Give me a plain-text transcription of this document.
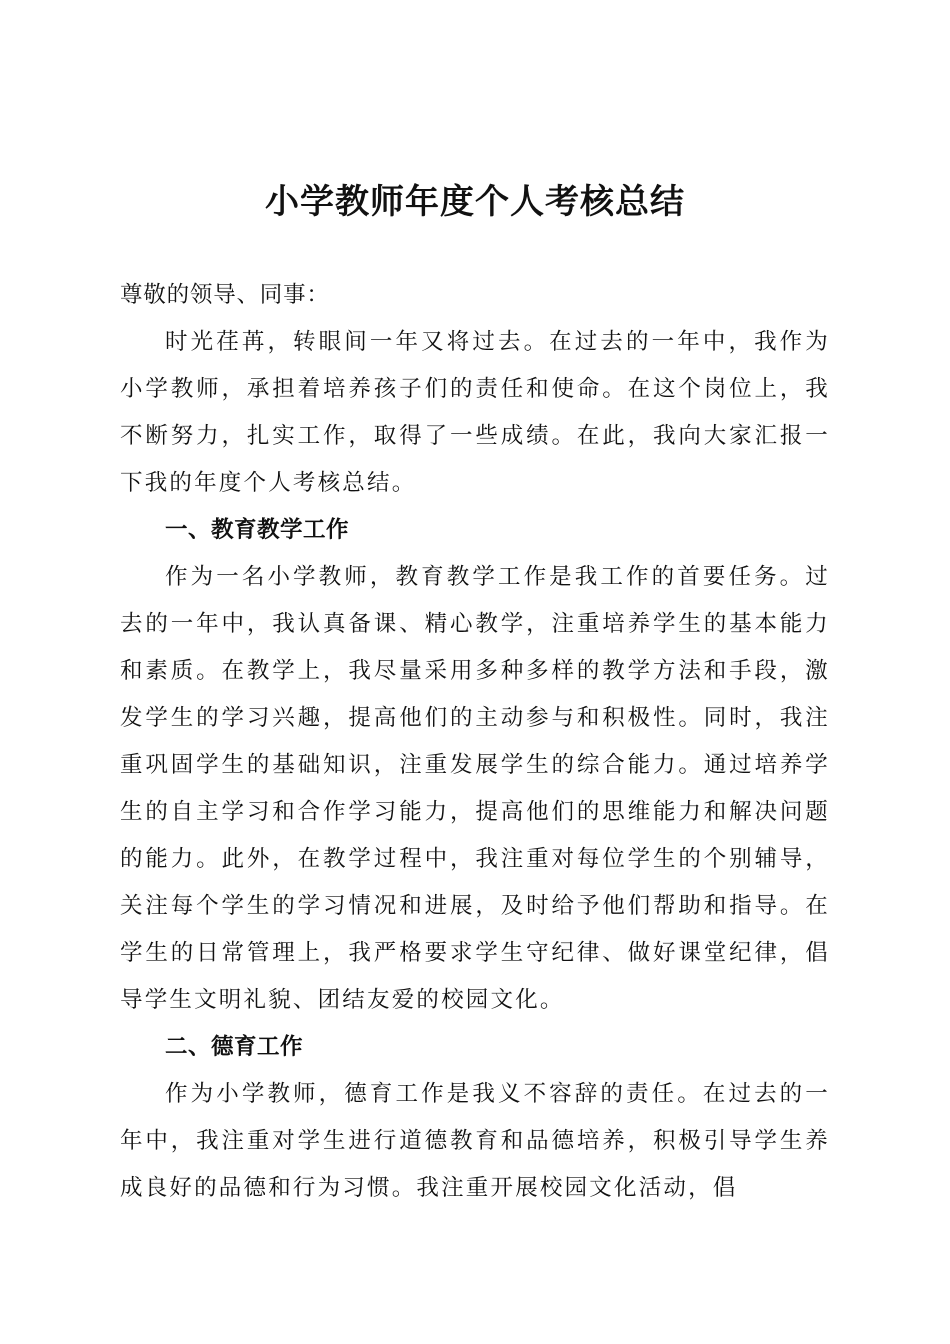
小学教师年度个人考核总结

尊敬的领导、同事：

时光荏苒，转眼间一年又将过去。在过去的一年中，我作为小学教师，承担着培养孩子们的责任和使命。在这个岗位上，我不断努力，扎实工作，取得了一些成绩。在此，我向大家汇报一下我的年度个人考核总结。

一、教育教学工作

作为一名小学教师，教育教学工作是我工作的首要任务。过去的一年中，我认真备课、精心教学，注重培养学生的基本能力和素质。在教学上，我尽量采用多种多样的教学方法和手段，激发学生的学习兴趣，提高他们的主动参与和积极性。同时，我注重巩固学生的基础知识，注重发展学生的综合能力。通过培养学生的自主学习和合作学习能力，提高他们的思维能力和解决问题的能力。此外，在教学过程中，我注重对每位学生的个别辅导，关注每个学生的学习情况和进展，及时给予他们帮助和指导。在学生的日常管理上，我严格要求学生守纪律、做好课堂纪律，倡导学生文明礼貌、团结友爱的校园文化。

二、德育工作

作为小学教师，德育工作是我义不容辞的责任。在过去的一年中，我注重对学生进行道德教育和品德培养，积极引导学生养成良好的品德和行为习惯。我注重开展校园文化活动，倡
